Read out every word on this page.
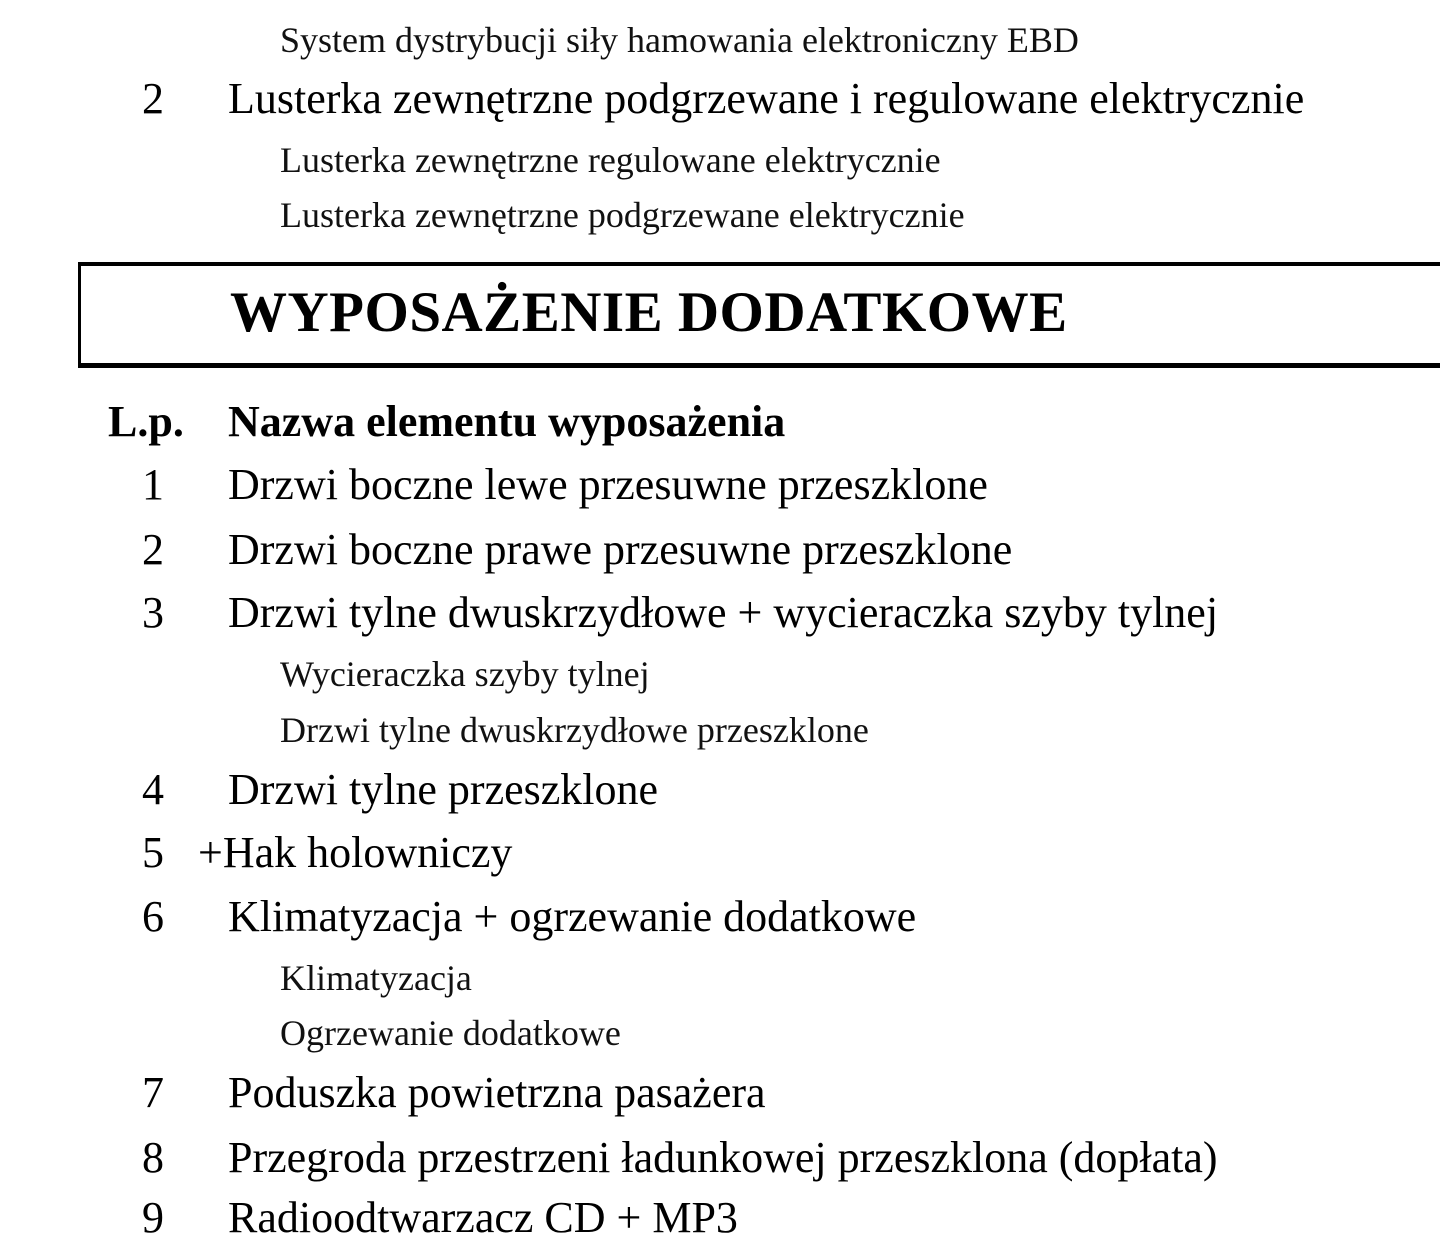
System dystrybucji siły hamowania elektroniczny EBD
2 Lusterka zewnętrzne podgrzewane i regulowane elektrycznie
Lusterka zewnętrzne regulowane elektrycznie
Lusterka zewnętrzne podgrzewane elektrycznie
WYPOSAŻENIE DODATKOWE
L.p. Nazwa elementu wyposażenia
1 Drzwi boczne lewe przesuwne przeszklone
2 Drzwi boczne prawe przesuwne przeszklone
3 Drzwi tylne dwuskrzydłowe + wycieraczka szyby tylnej
Wycieraczka szyby tylnej
Drzwi tylne dwuskrzydłowe przeszklone
4 Drzwi tylne przeszklone
5 +Hak holowniczy
6 Klimatyzacja + ogrzewanie dodatkowe
Klimatyzacja
Ogrzewanie dodatkowe
7 Poduszka powietrzna pasażera
8 Przegroda przestrzeni ładunkowej przeszklona (dopłata)
9 Radioodtwarzacz CD + MP3
